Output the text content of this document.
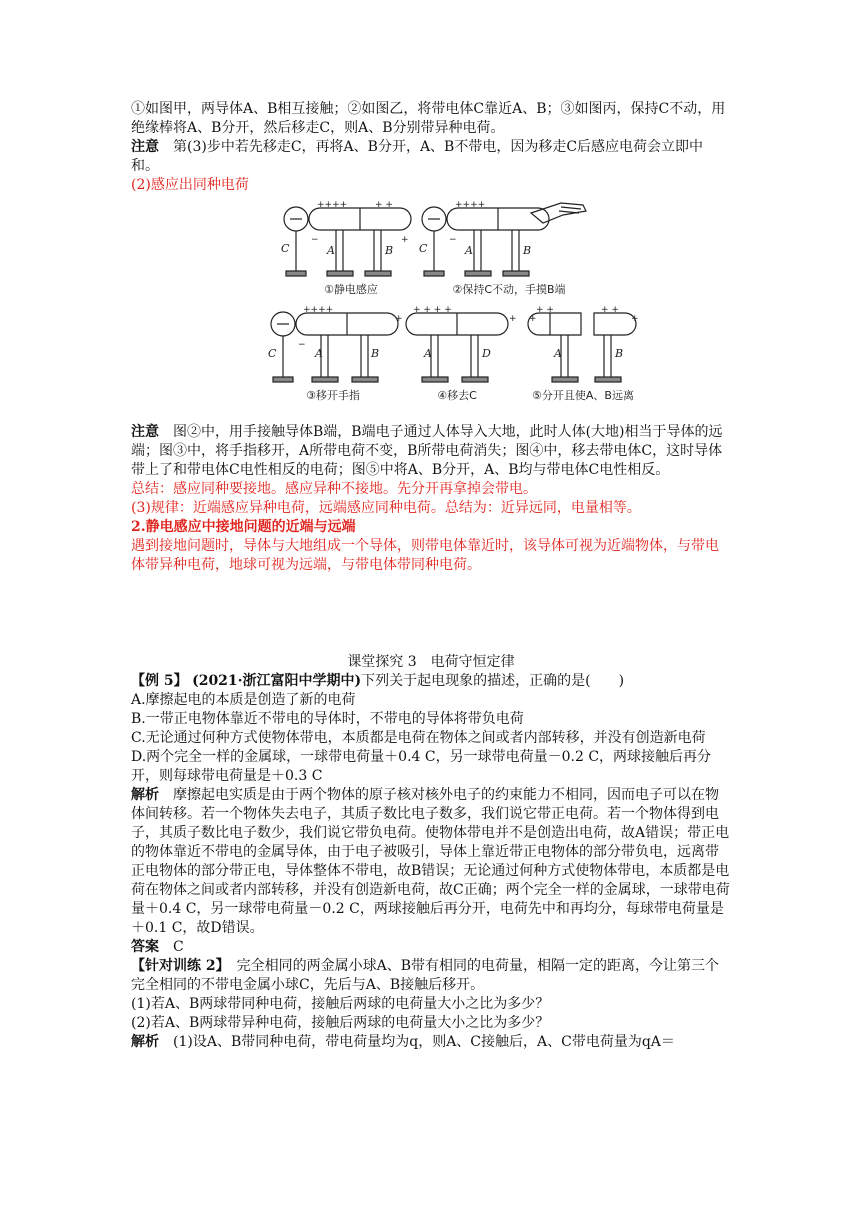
①如图甲，两导体A、B相互接触；②如图乙，将带电体C靠近A、B；③如图丙，保持C不动，用绝缘棒将A、B分开，然后移走C，则A、B分别带异种电荷。

注意　 第(3)步中若先移走C，再将A、B分开，A、B不带电，因为移走C后感应电荷会立即中和。

(2)感应出同种电荷

++++	+ +
−	+
++++
−
++++
−
+ + + +
+	+
+ +	+ +
+	+
C	A	B C	A	B
C	A	B	A	D	A	B
①静电感应	②保持C不动，手摸B端
③移开手指	④移去C	⑤分开且使A、B远离

注意　 图②中，用手接触导体B端，B端电子通过人体导入大地，此时人体(大地)相当于导体的远端；图③中，将手指移开，A所带电荷不变，B所带电荷消失；图④中，移去带电体C，这时导体带上了和带电体C电性相反的电荷；图⑤中将A、B分开，A、B均与带电体C电性相反。

总结：感应同种要接地。感应异种不接地。先分开再拿掉会带电。

(3)规律：近端感应异种电荷，远端感应同种电荷。总结为：近异远同，电量相等。

2.静电感应中接地问题的近端与远端

遇到接地问题时，导体与大地组成一个导体，则带电体靠近时，该导体可视为近端物体，与带电体带异种电荷，地球可视为远端，与带电体带同种电荷。

课堂探究 3　电荷守恒定律

【例 5】 (2021·浙江富阳中学期中)下列关于起电现象的描述，正确的是(　　)

A.摩擦起电的本质是创造了新的电荷

B.一带正电物体靠近不带电的导体时，不带电的导体将带负电荷

C.无论通过何种方式使物体带电，本质都是电荷在物体之间或者内部转移，并没有创造新电荷

D.两个完全一样的金属球，一球带电荷量＋0.4 C，另一球带电荷量－0.2 C，两球接触后再分开，则每球带电荷量是＋0.3 C

解析　 摩擦起电实质是由于两个物体的原子核对核外电子的约束能力不相同，因而电子可以在物体间转移。若一个物体失去电子，其质子数比电子数多，我们说它带正电荷。若一个物体得到电子，其质子数比电子数少，我们说它带负电荷。使物体带电并不是创造出电荷，故A错误；带正电的物体靠近不带电的金属导体，由于电子被吸引，导体上靠近带正电物体的部分带负电，远离带正电物体的部分带正电，导体整体不带电，故B错误；无论通过何种方式使物体带电，本质都是电荷在物体之间或者内部转移，并没有创造新电荷，故C正确；两个完全一样的金属球，一球带电荷量＋0.4 C，另一球带电荷量－0.2 C，两球接触后再分开，电荷先中和再均分，每球带电荷量是＋0.1 C，故D错误。

答案　 C

【针对训练 2】　 完全相同的两金属小球A、B带有相同的电荷量，相隔一定的距离，今让第三个完全相同的不带电金属小球C，先后与A、B接触后移开。

(1)若A、B两球带同种电荷，接触后两球的电荷量大小之比为多少？

(2)若A、B两球带异种电荷，接触后两球的电荷量大小之比为多少？

解析　 (1)设A、B带同种电荷，带电荷量均为q，则A、C接触后，A、C带电荷量为qA＝
